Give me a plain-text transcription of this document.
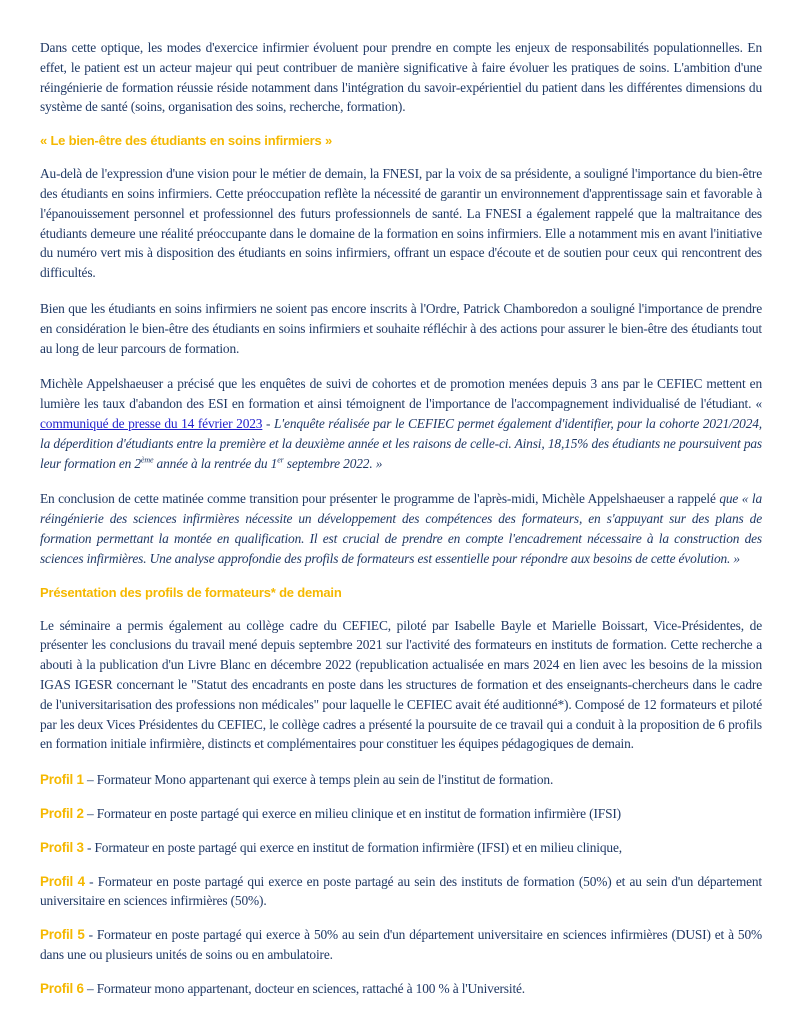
Dans cette optique, les modes d'exercice infirmier évoluent pour prendre en compte les enjeux de responsabilités populationnelles. En effet, le patient est un acteur majeur qui peut contribuer de manière significative à faire évoluer les pratiques de soins. L'ambition d'une réingénierie de formation réussie réside notamment dans l'intégration du savoir-expérientiel du patient dans les différentes dimensions du système de santé (soins, organisation des soins, recherche, formation).

« Le bien-être des étudiants en soins infirmiers »

Au-delà de l'expression d'une vision pour le métier de demain, la FNESI, par la voix de sa présidente, a souligné l'importance du bien-être des étudiants en soins infirmiers. Cette préoccupation reflète la nécessité de garantir un environnement d'apprentissage sain et favorable à l'épanouissement personnel et professionnel des futurs professionnels de santé. La FNESI a également rappelé que la maltraitance des étudiants demeure une réalité préoccupante dans le domaine de la formation en soins infirmiers. Elle a notamment mis en avant l'initiative du numéro vert mis à disposition des étudiants en soins infirmiers, offrant un espace d'écoute et de soutien pour ceux qui rencontrent des difficultés.

Bien que les étudiants en soins infirmiers ne soient pas encore inscrits à l'Ordre, Patrick Chamboredon a souligné l'importance de prendre en considération le bien-être des étudiants en soins infirmiers et souhaite réfléchir à des actions pour assurer le bien-être des étudiants tout au long de leur parcours de formation.

Michèle Appelshaeuser a précisé que les enquêtes de suivi de cohortes et de promotion menées depuis 3 ans par le CEFIEC mettent en lumière les taux d'abandon des ESI en formation et ainsi témoignent de l'importance de l'accompagnement individualisé de l'étudiant. « communiqué de presse du 14 février 2023 - L'enquête réalisée par le CEFIEC permet également d'identifier, pour la cohorte 2021/2024, la déperdition d'étudiants entre la première et la deuxième année et les raisons de celle-ci. Ainsi, 18,15% des étudiants ne poursuivent pas leur formation en 2ème année à la rentrée du 1er septembre 2022. »

En conclusion de cette matinée comme transition pour présenter le programme de l'après-midi, Michèle Appelshaeuser a rappelé que « la réingénierie des sciences infirmières nécessite un développement des compétences des formateurs, en s'appuyant sur des plans de formation permettant la montée en qualification. Il est crucial de prendre en compte l'encadrement nécessaire à la construction des sciences infirmières. Une analyse approfondie des profils de formateurs est essentielle pour répondre aux besoins de cette évolution. »

Présentation des profils de formateurs* de demain

Le séminaire a permis également au collège cadre du CEFIEC, piloté par Isabelle Bayle et Marielle Boissart, Vice-Présidentes, de présenter les conclusions du travail mené depuis septembre 2021 sur l'activité des formateurs en instituts de formation. Cette recherche a abouti à la publication d'un Livre Blanc en décembre 2022 (republication actualisée en mars 2024 en lien avec les besoins de la mission IGAS IGESR concernant le "Statut des encadrants en poste dans les structures de formation et des enseignants-chercheurs dans le cadre de l'universitarisation des professions non médicales" pour laquelle le CEFIEC avait été auditionné*). Composé de 12 formateurs et piloté par les deux Vices Présidentes du CEFIEC, le collège cadres a présenté la poursuite de ce travail qui a conduit à la proposition de 6 profils en formation initiale infirmière, distincts et complémentaires pour constituer les équipes pédagogiques de demain.

Profil 1 – Formateur Mono appartenant qui exerce à temps plein au sein de l'institut de formation.

Profil 2 – Formateur en poste partagé qui exerce en milieu clinique et en institut de formation infirmière (IFSI)

Profil 3 - Formateur en poste partagé qui exerce en institut de formation infirmière (IFSI) et en milieu clinique,

Profil 4 - Formateur en poste partagé qui exerce en poste partagé au sein des instituts de formation (50%) et au sein d'un département universitaire en sciences infirmières (50%).

Profil 5 - Formateur en poste partagé qui exerce à 50% au sein d'un département universitaire en sciences infirmières (DUSI) et à 50% dans une ou plusieurs unités de soins ou en ambulatoire.

Profil 6 – Formateur mono appartenant, docteur en sciences, rattaché à 100 % à l'Université.
